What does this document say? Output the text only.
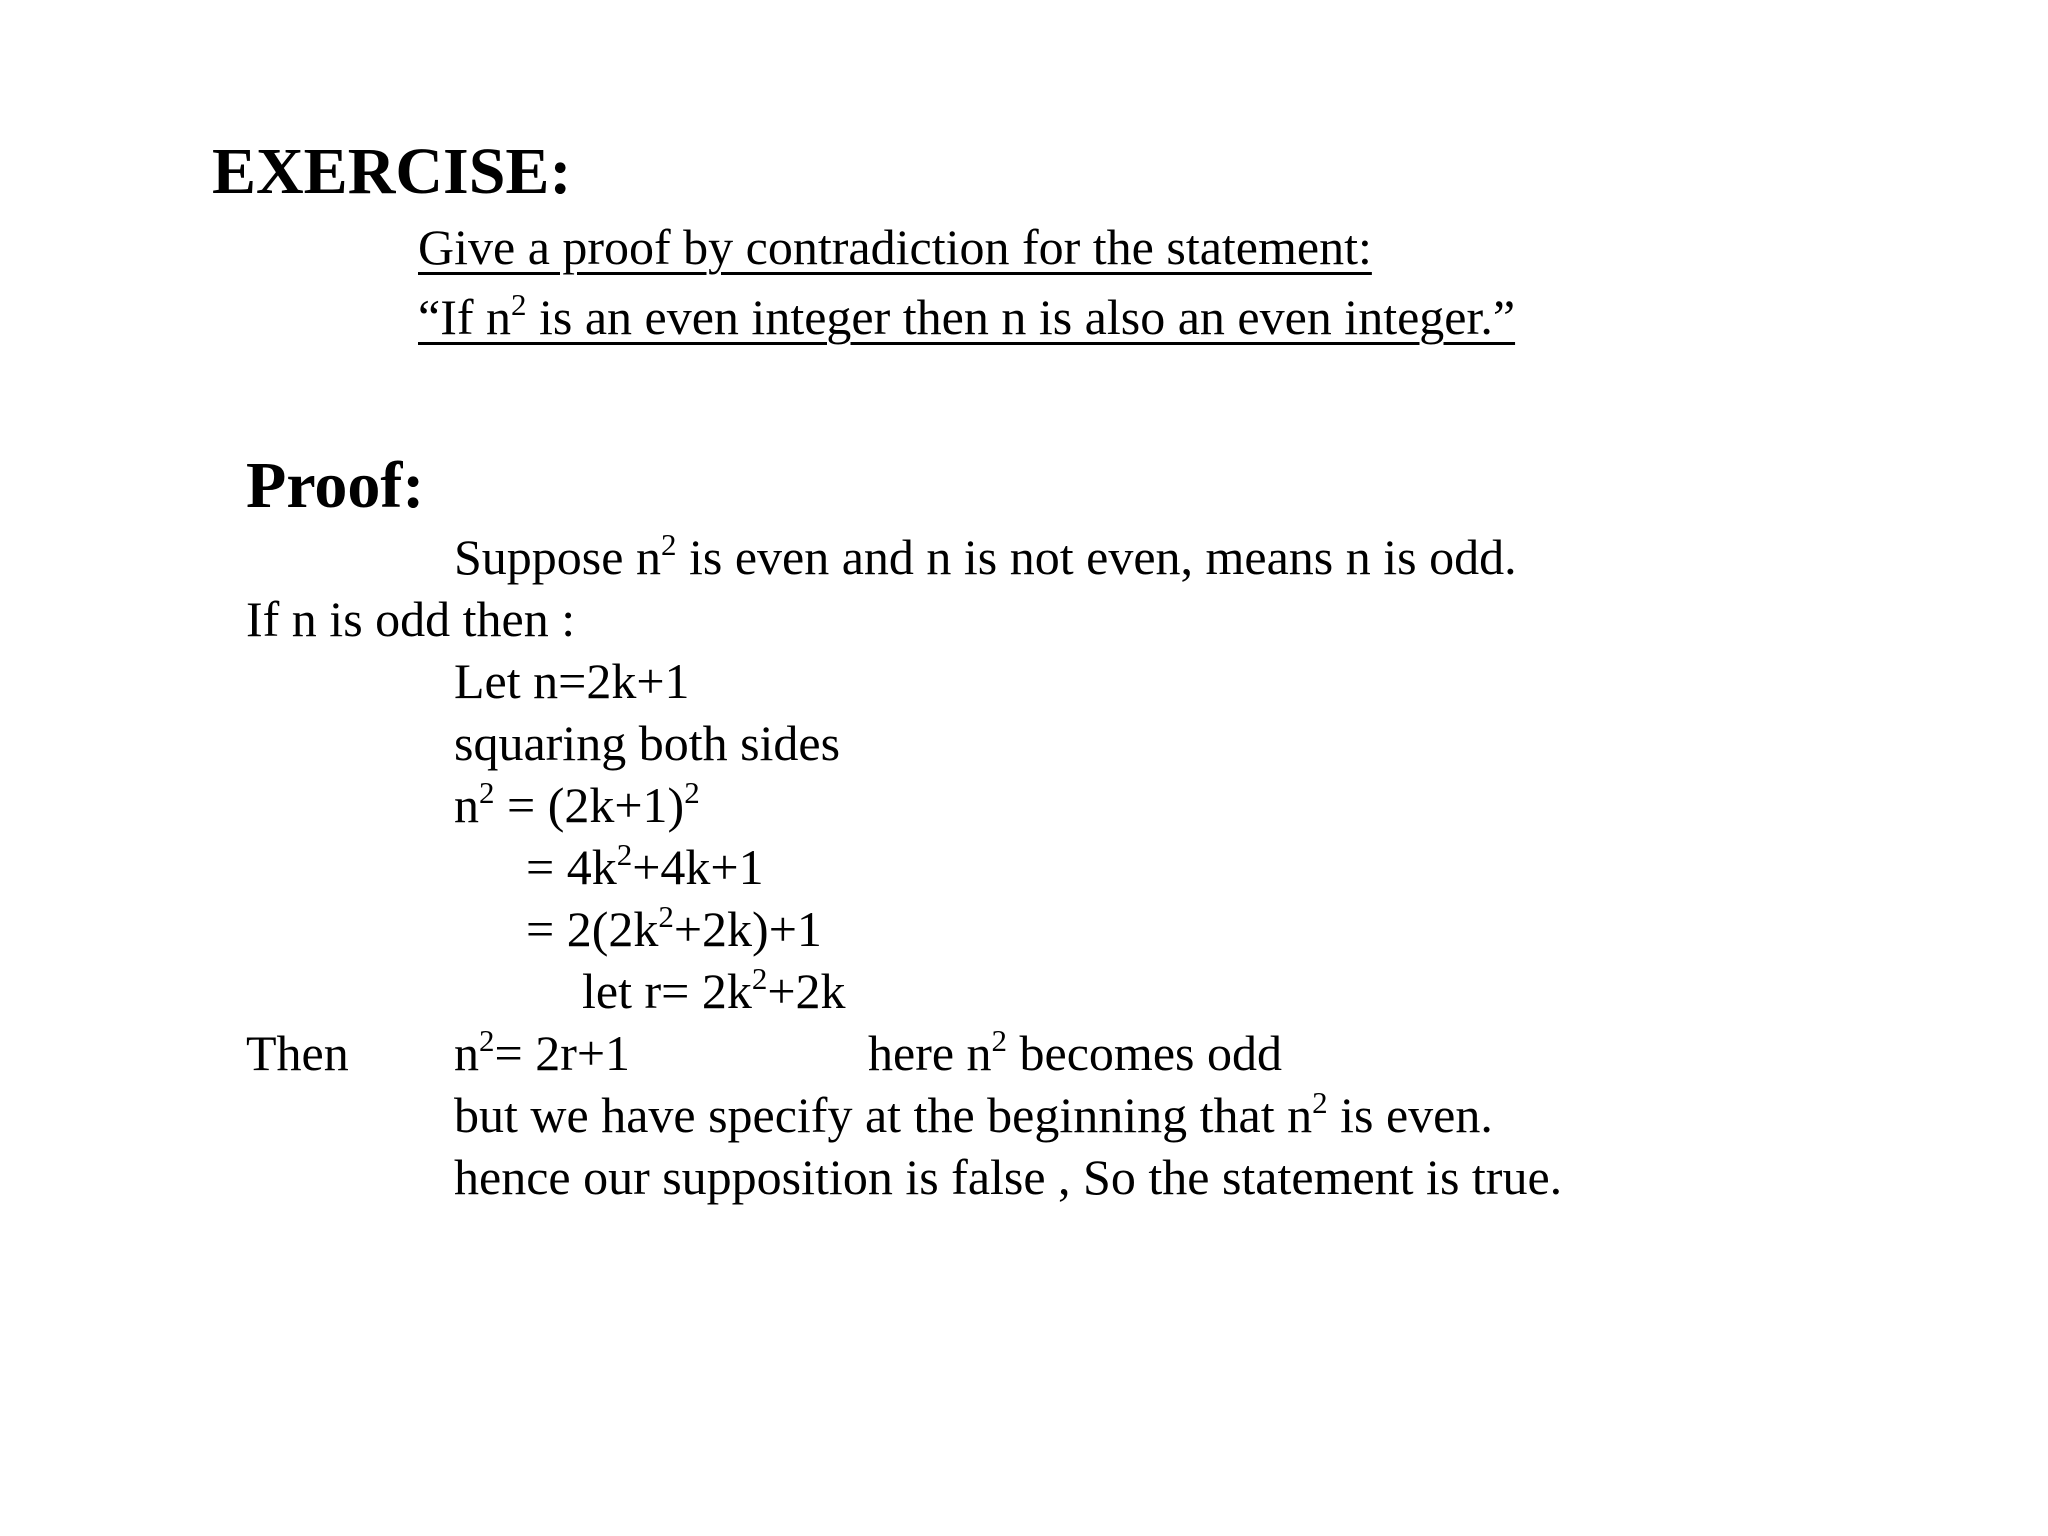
EXERCISE:
Give a proof by contradiction for the statement:
“If $n^2$ is an even integer then n is also an even integer.”
Proof:
Suppose $n^2$ is even and n is not even, means n is odd.
If n is odd then :
Let n=2k+1
squaring both sides
$n^2 = (2k+1)^2$
= $4k^2+4k+1$
= $2(2k^2+2k)+1$
let $r= 2k^2+2k$
Then $n^2= 2r+1$	here $n^2$ becomes odd
but we have specify at the beginning that $n^2$ is even.
hence our supposition is false , So the statement is true.
